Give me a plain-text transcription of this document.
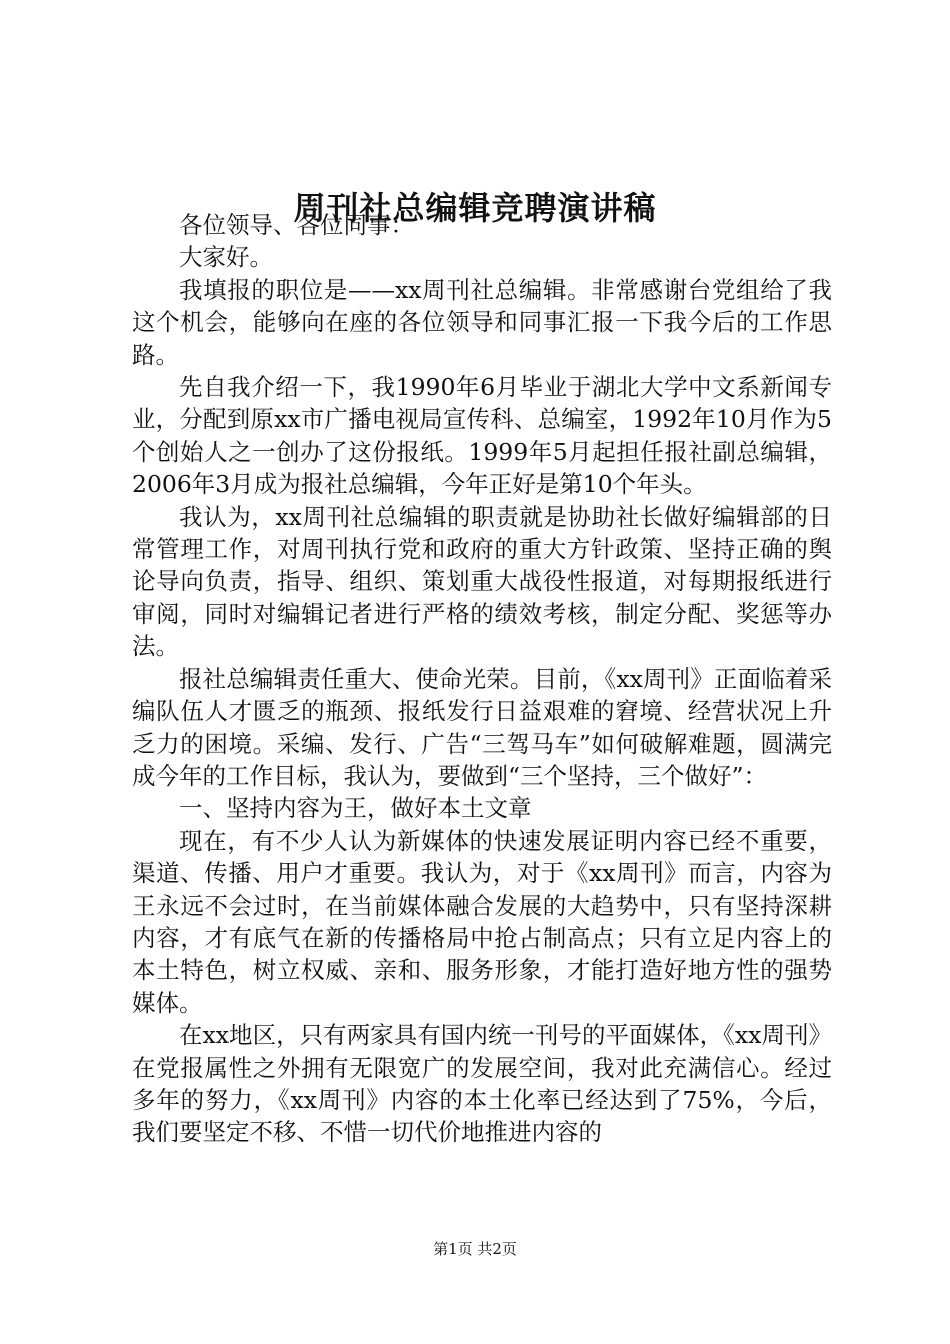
周刊社总编辑竞聘演讲稿

各位领导、各位同事：

大家好。

我填报的职位是——xx周刊社总编辑。非常感谢台党组给了我这个机会，能够向在座的各位领导和同事汇报一下我今后的工作思路。

先自我介绍一下，我1990年6月毕业于湖北大学中文系新闻专业，分配到原xx市广播电视局宣传科、总编室，1992年10月作为5个创始人之一创办了这份报纸。1999年5月起担任报社副总编辑，2006年3月成为报社总编辑，今年正好是第10个年头。

我认为，xx周刊社总编辑的职责就是协助社长做好编辑部的日常管理工作，对周刊执行党和政府的重大方针政策、坚持正确的舆论导向负责，指导、组织、策划重大战役性报道，对每期报纸进行审阅，同时对编辑记者进行严格的绩效考核，制定分配、奖惩等办法。

报社总编辑责任重大、使命光荣。目前，《xx周刊》正面临着采编队伍人才匮乏的瓶颈、报纸发行日益艰难的窘境、经营状况上升乏力的困境。采编、发行、广告“三驾马车”如何破解难题，圆满完成今年的工作目标，我认为，要做到“三个坚持，三个做好”：

一、坚持内容为王，做好本土文章

现在，有不少人认为新媒体的快速发展证明内容已经不重要，渠道、传播、用户才重要。我认为，对于《xx周刊》而言，内容为王永远不会过时，在当前媒体融合发展的大趋势中，只有坚持深耕内容，才有底气在新的传播格局中抢占制高点；只有立足内容上的本土特色，树立权威、亲和、服务形象，才能打造好地方性的强势媒体。

在xx地区，只有两家具有国内统一刊号的平面媒体，《xx周刊》在党报属性之外拥有无限宽广的发展空间，我对此充满信心。经过多年的努力，《xx周刊》内容的本土化率已经达到了75%，今后，我们要坚定不移、不惜一切代价地推进内容的

第1页 共2页
